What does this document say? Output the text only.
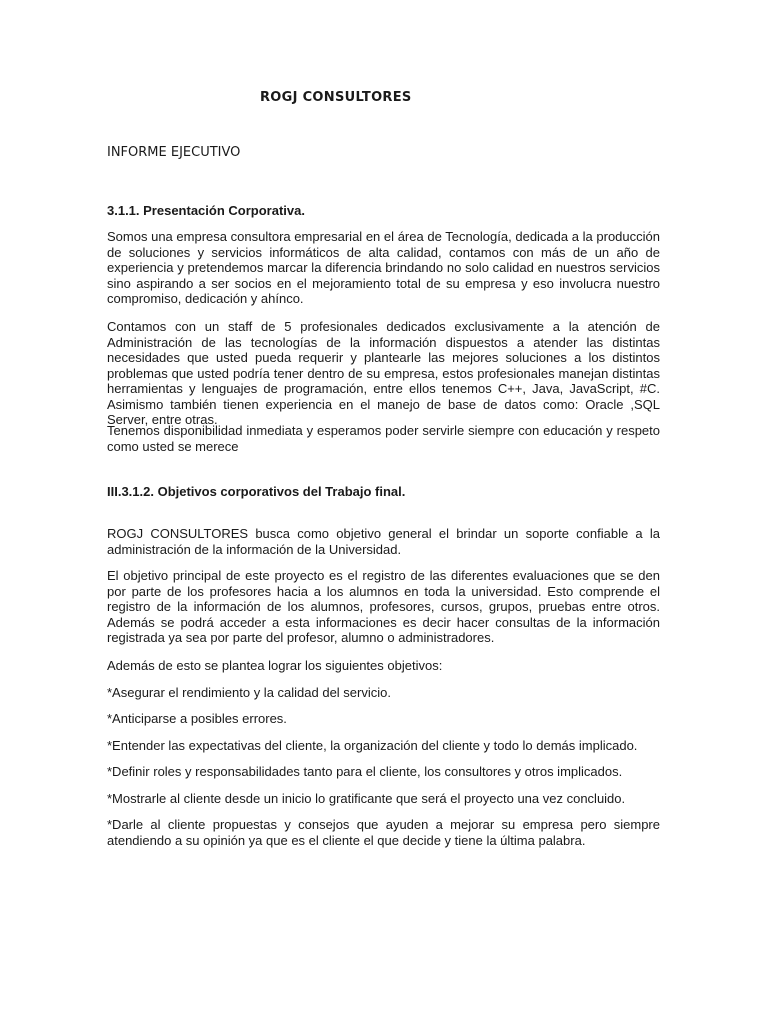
ROGJ CONSULTORES
INFORME EJECUTIVO
3.1.1. Presentación Corporativa.

Somos una empresa consultora empresarial en el área de Tecnología, dedicada a la producción de soluciones y servicios informáticos de alta calidad, contamos con más de un año de experiencia y pretendemos marcar la diferencia brindando no solo calidad en nuestros servicios sino aspirando a ser socios en el mejoramiento total de su empresa y eso involucra nuestro compromiso, dedicación y ahínco.

Contamos con un staff de 5 profesionales dedicados exclusivamente a la atención de Administración de las tecnologías de la información dispuestos a atender las distintas necesidades que usted pueda requerir y plantearle las mejores soluciones a los distintos problemas que usted podría tener dentro de su empresa, estos profesionales manejan distintas herramientas y lenguajes de programación, entre ellos tenemos C++, Java, JavaScript, #C. Asimismo también tienen experiencia en el manejo de base de datos como: Oracle ,SQL Server, entre otras.

Tenemos disponibilidad inmediata y esperamos poder servirle siempre con educación y respeto como usted se merece

III.3.1.2. Objetivos corporativos del Trabajo final.

ROGJ CONSULTORES busca como objetivo general el brindar un soporte confiable a la administración de la información de la Universidad.

El objetivo principal de este proyecto es el registro de las diferentes evaluaciones que se den por parte de los profesores hacia a los alumnos en toda la universidad. Esto comprende el registro de la información de los alumnos, profesores, cursos, grupos, pruebas entre otros. Además se podrá acceder a esta informaciones es decir hacer consultas de la información registrada ya sea por parte del profesor, alumno o administradores.

Además de esto se plantea lograr los siguientes objetivos:

*Asegurar el rendimiento y la calidad del servicio.

*Anticiparse a posibles errores.

*Entender las expectativas del cliente, la organización del cliente y todo lo demás implicado.

*Definir roles y responsabilidades tanto para el cliente, los consultores y otros implicados.

*Mostrarle al cliente desde un inicio lo gratificante que será el proyecto una vez concluido.

*Darle al cliente propuestas y consejos que ayuden a mejorar su empresa pero siempre atendiendo a su opinión ya que es el cliente el que decide y tiene la última palabra.
